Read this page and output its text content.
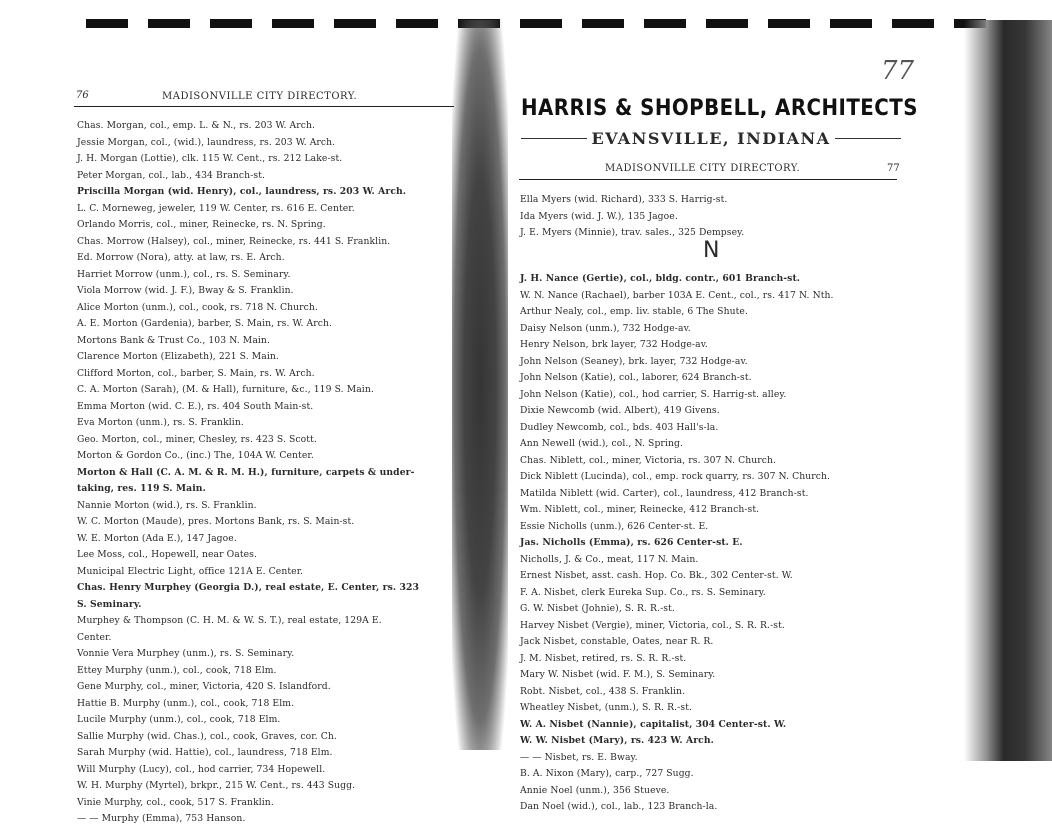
76	MADISONVILLE CITY DIRECTORY.
Chas. Morgan, col., emp. L. & N., rs. 203 W. Arch.
Jessie Morgan, col., (wid.), laundress, rs. 203 W. Arch.
J. H. Morgan (Lottie), clk. 115 W. Cent., rs. 212 Lake-st.
Peter Morgan, col., lab., 434 Branch-st.
Priscilla Morgan (wid. Henry), col., laundress, rs. 203 W. Arch.
L. C. Morneweg, jeweler, 119 W. Center, rs. 616 E. Center.
Orlando Morris, col., miner, Reinecke, rs. N. Spring.
Chas. Morrow (Halsey), col., miner, Reinecke, rs. 441 S. Franklin.
Ed. Morrow (Nora), atty. at law, rs. E. Arch.
Harriet Morrow (unm.), col., rs. S. Seminary.
Viola Morrow (wid. J. F.), Bway & S. Franklin.
Alice Morton (unm.), col., cook, rs. 718 N. Church.
A. E. Morton (Gardenia), barber, S. Main, rs. W. Arch.
Mortons Bank & Trust Co., 103 N. Main.
Clarence Morton (Elizabeth), 221 S. Main.
Clifford Morton, col., barber, S. Main, rs. W. Arch.
C. A. Morton (Sarah), (M. & Hall), furniture, &c., 119 S. Main.
Emma Morton (wid. C. E.), rs. 404 South Main-st.
Eva Morton (unm.), rs. S. Franklin.
Geo. Morton, col., miner, Chesley, rs. 423 S. Scott.
Morton & Gordon Co., (inc.) The, 104A W. Center.
Morton & Hall (C. A. M. & R. M. H.), furniture, carpets & under-
taking, res. 119 S. Main.
Nannie Morton (wid.), rs. S. Franklin.
W. C. Morton (Maude), pres. Mortons Bank, rs. S. Main-st.
W. E. Morton (Ada E.), 147 Jagoe.
Lee Moss, col., Hopewell, near Oates.
Municipal Electric Light, office 121A E. Center.
Chas. Henry Murphey (Georgia D.), real estate, E. Center, rs. 323
S. Seminary.
Murphey & Thompson (C. H. M. & W. S. T.), real estate, 129A E.
Center.
Vonnie Vera Murphey (unm.), rs. S. Seminary.
Ettey Murphy (unm.), col., cook, 718 Elm.
Gene Murphy, col., miner, Victoria, 420 S. Islandford.
Hattie B. Murphy (unm.), col., cook, 718 Elm.
Lucile Murphy (unm.), col., cook, 718 Elm.
Sallie Murphy (wid. Chas.), col., cook, Graves, cor. Ch.
Sarah Murphy (wid. Hattie), col., laundress, 718 Elm.
Will Murphy (Lucy), col., hod carrier, 734 Hopewell.
W. H. Murphy (Myrtel), brkpr., 215 W. Cent., rs. 443 Sugg.
Vinie Murphy, col., cook, 517 S. Franklin.
— — Murphy (Emma), 753 Hanson.
77
HARRIS & SHOPBELL, ARCHITECTS
EVANSVILLE, INDIANA
MADISONVILLE CITY DIRECTORY.	77
Ella Myers (wid. Richard), 333 S. Harrig-st.
Ida Myers (wid. J. W.), 135 Jagoe.
J. E. Myers (Minnie), trav. sales., 325 Dempsey.
N
J. H. Nance (Gertie), col., bldg. contr., 601 Branch-st.
W. N. Nance (Rachael), barber 103A E. Cent., col., rs. 417 N. Nth.
Arthur Nealy, col., emp. liv. stable, 6 The Shute.
Daisy Nelson (unm.), 732 Hodge-av.
Henry Nelson, brk layer, 732 Hodge-av.
John Nelson (Seaney), brk. layer, 732 Hodge-av.
John Nelson (Katie), col., laborer, 624 Branch-st.
John Nelson (Katie), col., hod carrier, S. Harrig-st. alley.
Dixie Newcomb (wid. Albert), 419 Givens.
Dudley Newcomb, col., bds. 403 Hall's-la.
Ann Newell (wid.), col., N. Spring.
Chas. Niblett, col., miner, Victoria, rs. 307 N. Church.
Dick Niblett (Lucinda), col., emp. rock quarry, rs. 307 N. Church.
Matilda Niblett (wid. Carter), col., laundress, 412 Branch-st.
Wm. Niblett, col., miner, Reinecke, 412 Branch-st.
Essie Nicholls (unm.), 626 Center-st. E.
Jas. Nicholls (Emma), rs. 626 Center-st. E.
Nicholls, J. & Co., meat, 117 N. Main.
Ernest Nisbet, asst. cash. Hop. Co. Bk., 302 Center-st. W.
F. A. Nisbet, clerk Eureka Sup. Co., rs. S. Seminary.
G. W. Nisbet (Johnie), S. R. R.-st.
Harvey Nisbet (Vergie), miner, Victoria, col., S. R. R.-st.
Jack Nisbet, constable, Oates, near R. R.
J. M. Nisbet, retired, rs. S. R. R.-st.
Mary W. Nisbet (wid. F. M.), S. Seminary.
Robt. Nisbet, col., 438 S. Franklin.
Wheatley Nisbet, (unm.), S. R. R.-st.
W. A. Nisbet (Nannie), capitalist, 304 Center-st. W.
W. W. Nisbet (Mary), rs. 423 W. Arch.
— — Nisbet, rs. E. Bway.
B. A. Nixon (Mary), carp., 727 Sugg.
Annie Noel (unm.), 356 Stueve.
Dan Noel (wid.), col., lab., 123 Branch-la.
